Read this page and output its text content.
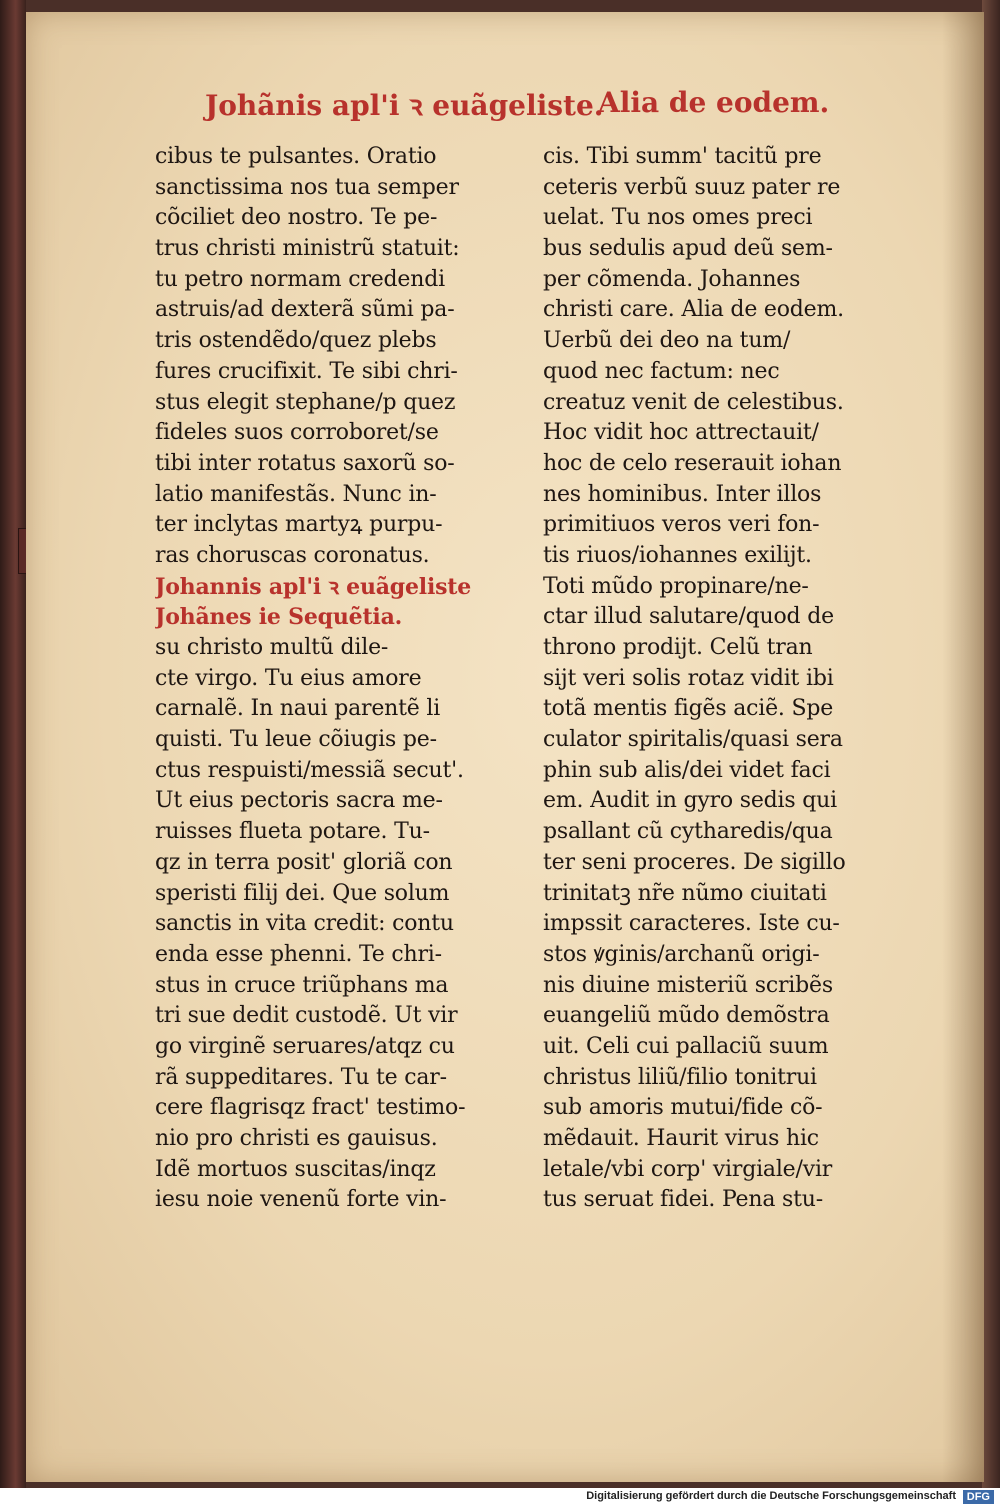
Johãnis apl'i ꝛ euãgeliste.
Alia de eodem.
cibus te pulsantes. Oratio
sanctissima nos tua semper
cõciliet deo nostro. Te pe-
trus christi ministrũ statuit:
tu petro normam credendi
astruis/ad dexterã sũmi pa-
tris ostendẽdo/quez plebs
fures crucifixit. Te sibi chri-
stus elegit stephane/p quez
fideles suos corroboret/se
tibi inter rotatus saxorũ so-
latio manifestãs. Nunc in-
ter inclytas martyꝝ purpu-
ras choruscas coronatus.
Johannis apl'i ꝛ euãgeliste
Johãnes ie Sequẽtia.
su christo multũ dile-
cte virgo. Tu eius amore
carnalẽ. In naui parentẽ li
quisti. Tu leue cõiugis pe-
ctus respuisti/messiã secut'.
Ut eius pectoris sacra me-
ruisses flueta potare. Tu-
qz in terra posit' gloriã con
speristi filij dei. Que solum
sanctis in vita credit: contu
enda esse phenni. Te chri-
stus in cruce triũphans ma
tri sue dedit custodẽ. Ut vir
go virginẽ seruares/atqz cu
rã suppeditares. Tu te car-
cere flagrisqz fract' testimo-
nio pro christi es gauisus.
Idẽ mortuos suscitas/inqz
iesu noie venenũ forte vin-
cis. Tibi summ' tacitũ pre
ceteris verbũ suuz pater re
uelat. Tu nos omes preci
bus sedulis apud deũ sem-
per cõmenda. Johannes
christi care. Alia de eodem.
Uerbũ dei deo na tum/
quod nec factum: nec
creatuz venit de celestibus.
Hoc vidit hoc attrectauit/
hoc de celo reserauit iohan
nes hominibus. Inter illos
primitiuos veros veri fon-
tis riuos/iohannes exilijt.
Toti mũdo propinare/ne-
ctar illud salutare/quod de
throno prodijt. Celũ tran
sijt veri solis rotaz vidit ibi
totã mentis figẽs aciẽ. Spe
culator spiritalis/quasi sera
phin sub alis/dei videt faci
em. Audit in gyro sedis qui
psallant cũ cytharedis/qua
ter seni proceres. De sigillo
trinitatꝫ nr̃e nũmo ciuitati
impssit caracteres. Iste cu-
stos ꝟginis/archanũ origi-
nis diuine misteriũ scribẽs
euangeliũ mũdo demõstra
uit. Celi cui pallaciũ suum
christus liliũ/filio tonitrui
sub amoris mutui/fide cõ-
mẽdauit. Haurit virus hic
letale/vbi corp' virgiale/vir
tus seruat fidei. Pena stu-
Digitalisierung gefördert durch die Deutsche Forschungsgemeinschaft DFG
